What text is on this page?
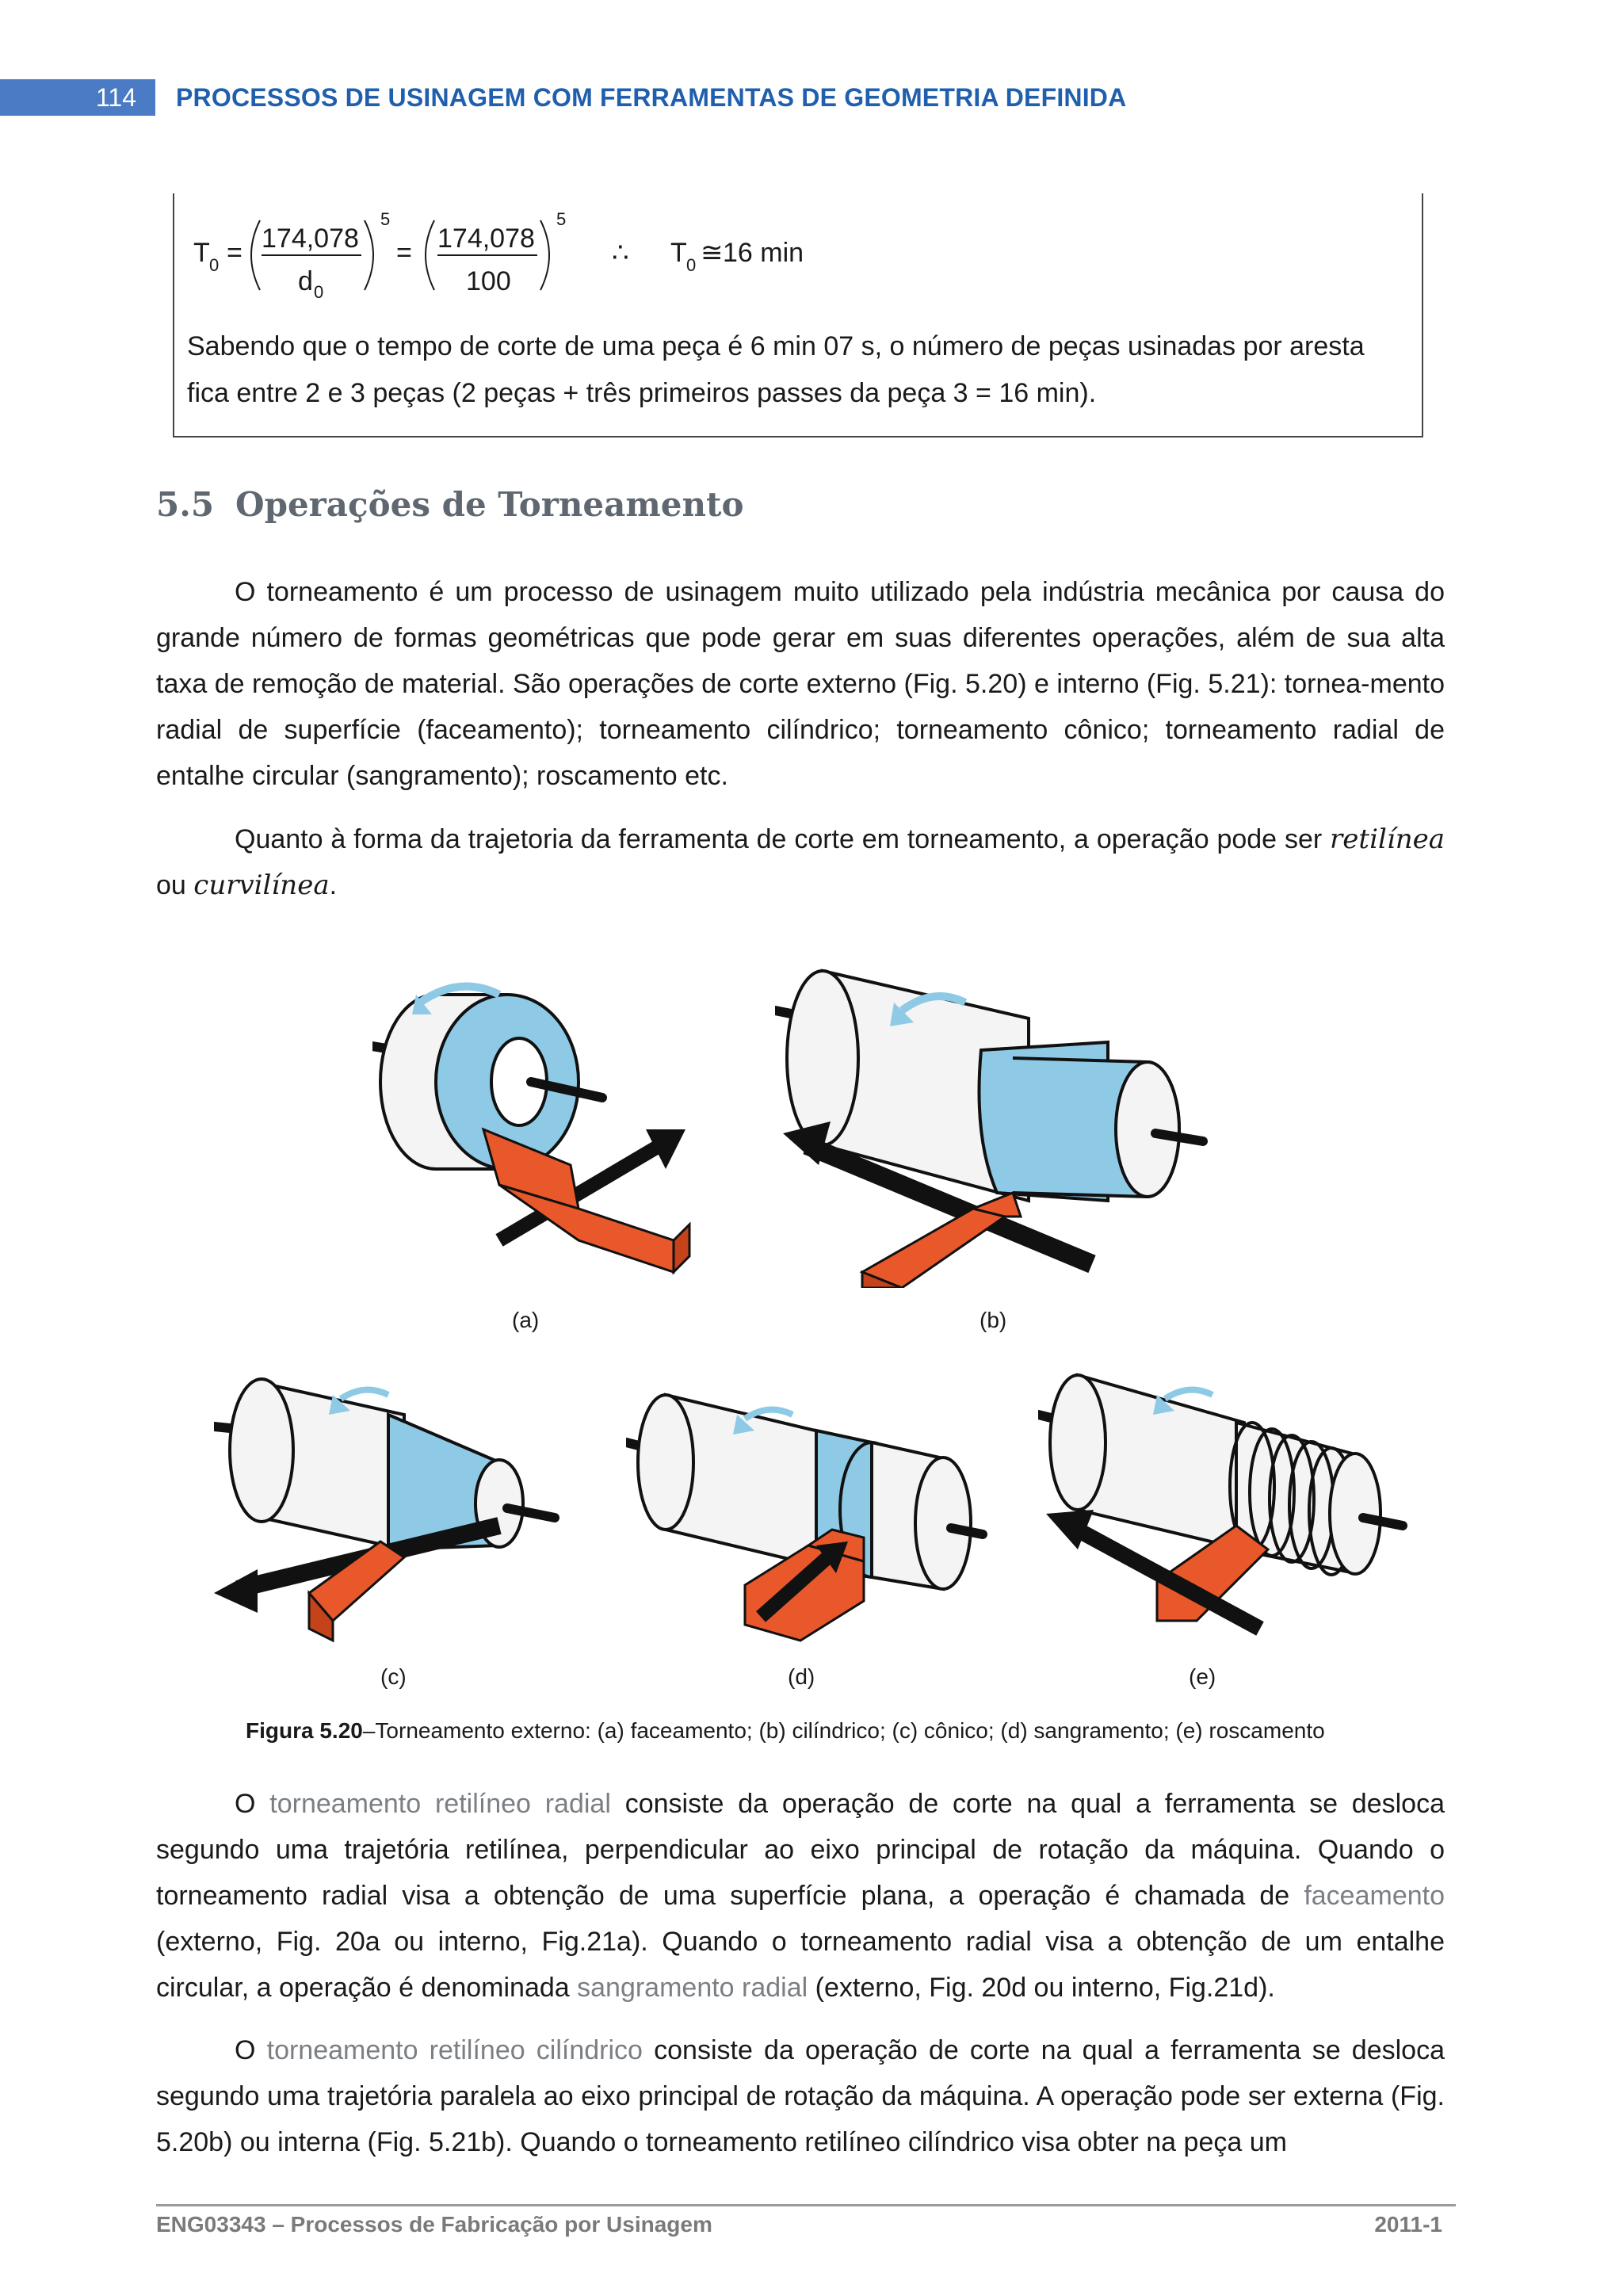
114	PROCESSOS DE USINAGEM COM FERRAMENTAS DE GEOMETRIA DEFINIDA
T 0 = 174,078
d 0
5
= 174,078
100
5
∴ T 0 ≅ 16 min
Sabendo que o tempo de corte de uma peça é 6 min 07 s, o número de peças usinadas por aresta fica entre 2 e 3 peças (2 peças + três primeiros passes da peça 3 = 16 min).
5.5 Operações de Torneamento

O torneamento é um processo de usinagem muito utilizado pela indústria mecânica por causa do grande número de formas geométricas que pode gerar em suas diferentes operações, além de sua alta taxa de remoção de material. São operações de corte externo (Fig. 5.20) e interno (Fig. 5.21): tornea-mento radial de superfície (faceamento); torneamento cilíndrico; torneamento cônico; torneamento radial de entalhe circular (sangramento); roscamento etc.

Quanto à forma da trajetoria da ferramenta de corte em torneamento, a operação pode ser retilínea ou curvilínea.

(a)	(b)
(c)	(d)	(e)
Figura 5.20–Torneamento externo: (a) faceamento; (b) cilíndrico; (c) cônico; (d) sangramento; (e) roscamento

O torneamento retilíneo radial consiste da operação de corte na qual a ferramenta se desloca segundo uma trajetória retilínea, perpendicular ao eixo principal de rotação da máquina. Quando o torneamento radial visa a obtenção de uma superfície plana, a operação é chamada de faceamento (externo, Fig. 20a ou interno, Fig.21a). Quando o torneamento radial visa a obtenção de um entalhe circular, a operação é denominada sangramento radial (externo, Fig. 20d ou interno, Fig.21d).

O torneamento retilíneo cilíndrico consiste da operação de corte na qual a ferramenta se desloca segundo uma trajetória paralela ao eixo principal de rotação da máquina. A operação pode ser externa (Fig. 5.20b) ou interna (Fig. 5.21b). Quando o torneamento retilíneo cilíndrico visa obter na peça um

ENG03343 – Processos de Fabricação por Usinagem	2011-1
